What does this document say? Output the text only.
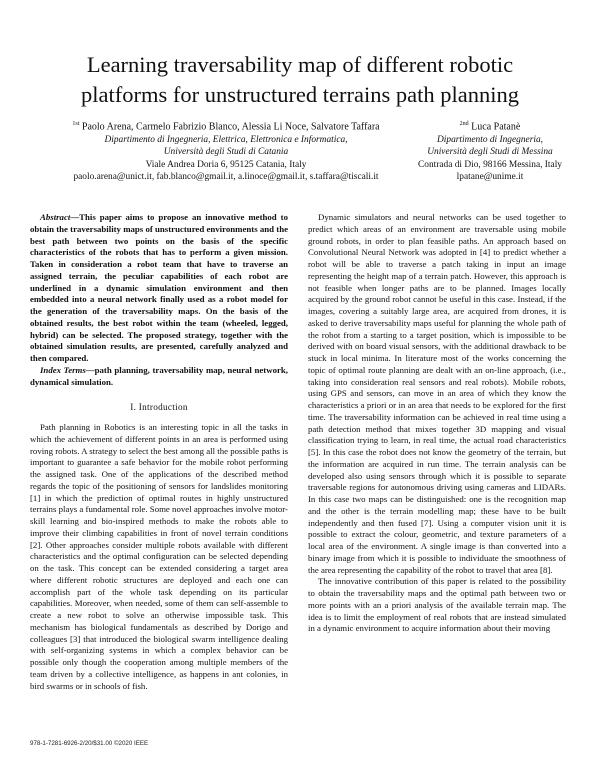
Learning traversability map of different robotic
platforms for unstructured terrains path planning
$^{1st}$ Paolo Arena, Carmelo Fabrizio Blanco, Alessia Li Noce, Salvatore Taffara
Dipartimento di Ingegneria, Elettrica, Elettronica e Informatica,
Università degli Studi di Catania
Viale Andrea Doria 6, 95125 Catania, Italy
paolo.arena@unict.it, fab.blanco@gmail.it, a.linoce@gmail.it, s.taffara@tiscali.it
$^{2nd}$ Luca Patanè
Dipartimento di Ingegneria,
Università degli Studi di Messina
Contrada di Dio, 98166 Messina, Italy
lpatane@unime.it

Abstract—This paper aims to propose an innovative method to obtain the traversability maps of unstructured environments and the best path between two points on the basis of the specific characteristics of the robots that has to perform a given mission. Taken in consideration a robot team that have to traverse an assigned terrain, the peculiar capabilities of each robot are underlined in a dynamic simulation environment and then embedded into a neural network finally used as a robot model for the generation of the traversability maps. On the basis of the obtained results, the best robot within the team (wheeled, legged, hybrid) can be selected. The proposed strategy, together with the obtained simulation results, are presented, carefully analyzed and then compared.

Index Terms—path planning, traversability map, neural network, dynamical simulation.

I. Introduction

Path planning in Robotics is an interesting topic in all the tasks in which the achievement of different points in an area is performed using roving robots. A strategy to select the best among all the possible paths is important to guarantee a safe behavior for the mobile robot performing the assigned task. One of the applications of the described method regards the topic of the positioning of sensors for landslides monitoring [1] in which the prediction of optimal routes in highly unstructured terrains plays a fundamental role. Some novel approaches involve motor-skill learning and bio-inspired methods to make the robots able to improve their climbing capabilities in front of novel terrain conditions [2]. Other approaches consider multiple robots available with different characteristics and the optimal configuration can be selected depending on the task. This concept can be extended considering a target area where different robotic structures are deployed and each one can accomplish part of the whole task depending on its particular capabilities. Moreover, when needed, some of them can self-assemble to create a new robot to solve an otherwise impossible task. This mechanism has biological fundamentals as described by Dorigo and colleagues [3] that introduced the biological swarm intelligence dealing with self-organizing systems in which a complex behavior can be possible only though the cooperation among multiple members of the team driven by a collective intelligence, as happens in ant colonies, in bird swarms or in schools of fish.

Dynamic simulators and neural networks can be used together to predict which areas of an environment are traversable using mobile ground robots, in order to plan feasible paths. An approach based on Convolutional Neural Network was adopted in [4] to predict whether a robot will be able to traverse a patch taking in input an image representing the height map of a terrain patch. However, this approach is not feasible when longer paths are to be planned. Images locally acquired by the ground robot cannot be useful in this case. Instead, if the images, covering a suitably large area, are acquired from drones, it is asked to derive traversability maps useful for planning the whole path of the robot from a starting to a target position, which is impossible to be derived with on board visual sensors, with the additional drawback to be stuck in local minima. In literature most of the works concerning the topic of optimal route planning are dealt with an on-line approach, (i.e., taking into consideration real sensors and real robots). Mobile robots, using GPS and sensors, can move in an area of which they know the characteristics a priori or in an area that needs to be explored for the first time. The traversability information can be achieved in real time using a path detection method that mixes together 3D mapping and visual classification trying to learn, in real time, the actual road characteristics [5]. In this case the robot does not know the geometry of the terrain, but the information are acquired in run time. The terrain analysis can be developed also using sensors through which it is possible to separate traversable regions for autonomous driving using cameras and LIDARs. In this case two maps can be distinguished: one is the recognition map and the other is the terrain modelling map; these have to be built independently and then fused [7]. Using a computer vision unit it is possible to extract the colour, geometric, and texture parameters of a local area of the environment. A single image is than converted into a binary image from which it is possible to individuate the smoothness of the area representing the capability of the robot to travel that area [8].

The innovative contribution of this paper is related to the possibility to obtain the traversability maps and the optimal path between two or more points with an a priori analysis of the available terrain map. The idea is to limit the employment of real robots that are instead simulated in a dynamic environment to acquire information about their moving

978-1-7281-6926-2/20/$31.00 ©2020 IEEE
